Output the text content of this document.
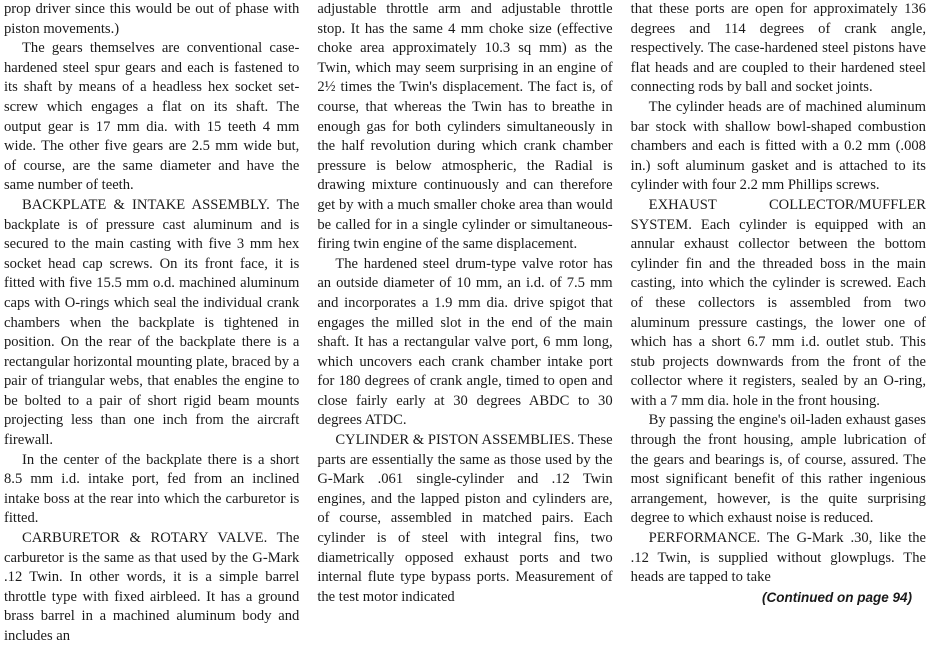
prop driver since this would be out of phase with piston movements.)

The gears themselves are conventional case-hardened steel spur gears and each is fastened to its shaft by means of a headless hex socket set-screw which engages a flat on its shaft. The output gear is 17 mm dia. with 15 teeth 4 mm wide. The other five gears are 2.5 mm wide but, of course, are the same diameter and have the same number of teeth.

BACKPLATE & INTAKE ASSEMBLY. The backplate is of pressure cast aluminum and is secured to the main casting with five 3 mm hex socket head cap screws. On its front face, it is fitted with five 15.5 mm o.d. machined aluminum caps with O-rings which seal the individual crank chambers when the backplate is tightened in position. On the rear of the backplate there is a rectangular horizontal mounting plate, braced by a pair of triangular webs, that enables the engine to be bolted to a pair of short rigid beam mounts projecting less than one inch from the aircraft firewall.

In the center of the backplate there is a short 8.5 mm i.d. intake port, fed from an inclined intake boss at the rear into which the carburetor is fitted.

CARBURETOR & ROTARY VALVE. The carburetor is the same as that used by the G-Mark .12 Twin. In other words, it is a simple barrel throttle type with fixed airbleed. It has a ground brass barrel in a machined aluminum body and includes an

adjustable throttle arm and adjustable throttle stop. It has the same 4 mm choke size (effective choke area approximately 10.3 sq mm) as the Twin, which may seem surprising in an engine of 2½ times the Twin's displacement. The fact is, of course, that whereas the Twin has to breathe in enough gas for both cylinders simultaneously in the half revolution during which crank chamber pressure is below atmospheric, the Radial is drawing mixture continuously and can therefore get by with a much smaller choke area than would be called for in a single cylinder or simultaneous-firing twin engine of the same displacement.

The hardened steel drum-type valve rotor has an outside diameter of 10 mm, an i.d. of 7.5 mm and incorporates a 1.9 mm dia. drive spigot that engages the milled slot in the end of the main shaft. It has a rectangular valve port, 6 mm long, which uncovers each crank chamber intake port for 180 degrees of crank angle, timed to open and close fairly early at 30 degrees ABDC to 30 degrees ATDC.

CYLINDER & PISTON ASSEMBLIES. These parts are essentially the same as those used by the G-Mark .061 single-cylinder and .12 Twin engines, and the lapped piston and cylinders are, of course, assembled in matched pairs. Each cylinder is of steel with integral fins, two diametrically opposed exhaust ports and two internal flute type bypass ports. Measurement of the test motor indicated

that these ports are open for approximately 136 degrees and 114 degrees of crank angle, respectively. The case-hardened steel pistons have flat heads and are coupled to their hardened steel connecting rods by ball and socket joints.

The cylinder heads are of machined aluminum bar stock with shallow bowl-shaped combustion chambers and each is fitted with a 0.2 mm (.008 in.) soft aluminum gasket and is attached to its cylinder with four 2.2 mm Phillips screws.

EXHAUST COLLECTOR/MUFFLER SYSTEM. Each cylinder is equipped with an annular exhaust collector between the bottom cylinder fin and the threaded boss in the main casting, into which the cylinder is screwed. Each of these collectors is assembled from two aluminum pressure castings, the lower one of which has a short 6.7 mm i.d. outlet stub. This stub projects downwards from the front of the collector where it registers, sealed by an O-ring, with a 7 mm dia. hole in the front housing.

By passing the engine's oil-laden exhaust gases through the front housing, ample lubrication of the gears and bearings is, of course, assured. The most significant benefit of this rather ingenious arrangement, however, is the quite surprising degree to which exhaust noise is reduced.

PERFORMANCE. The G-Mark .30, like the .12 Twin, is supplied without glowplugs. The heads are tapped to take

(Continued on page 94)
